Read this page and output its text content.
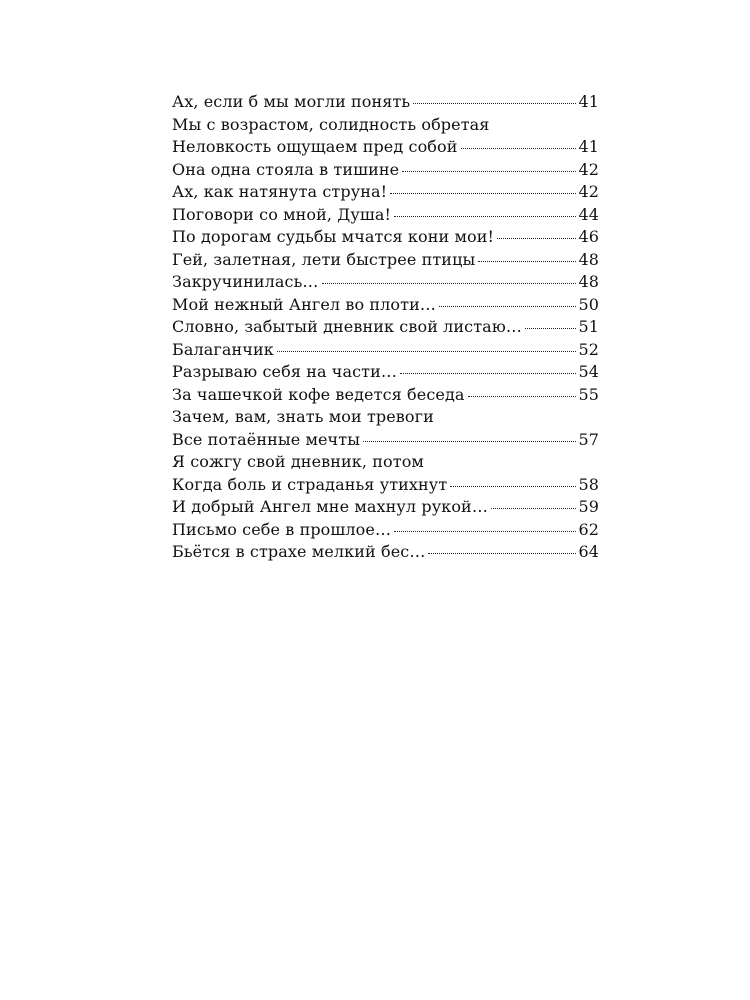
Ах, если б мы могли понять	41
Мы с возрастом, солидность обретая
Неловкость ощущаем пред собой	41
Она одна стояла в тишине	42
Ах, как натянута струна!	42
Поговори со мной, Душа!	44
По дорогам судьбы мчатся кони мои!	46
Гей, залетная, лети быстрее птицы	48
Закручинилась…	48
Мой нежный Ангел во плоти…	50
Словно, забытый дневник свой листаю…	51
Балаганчик	52
Разрываю себя на части…	54
За чашечкой кофе ведется беседа	55
Зачем, вам, знать мои тревоги
Все потаённые мечты	57
Я сожгу свой дневник, потом
Когда боль и страданья утихнут	58
И добрый Ангел мне махнул рукой…	59
Письмо себе в прошлое…	62
Бьётся в страхе мелкий бес…	64
